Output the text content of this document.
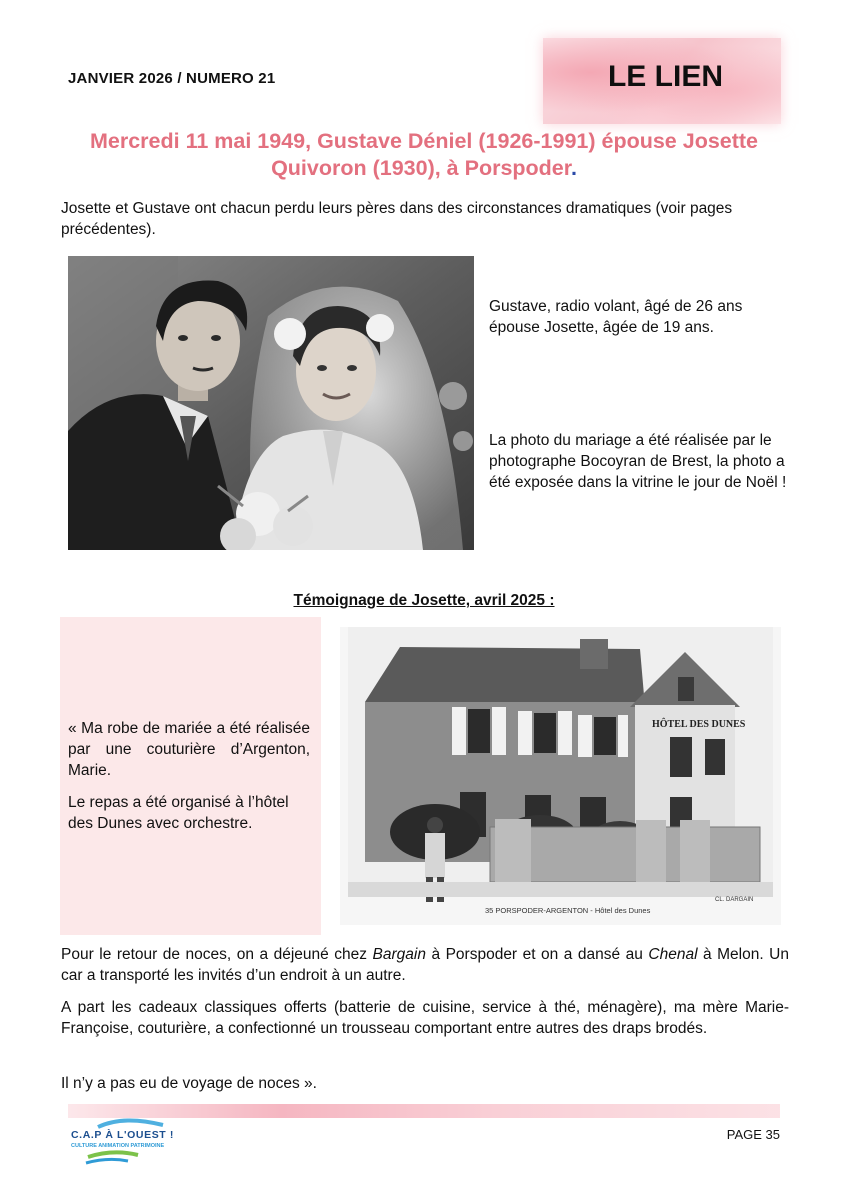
JANVIER 2026 / NUMERO 21	LE LIEN
Mercredi 11 mai 1949, Gustave Déniel (1926-1991) épouse Josette
Quivoron (1930), à Porspoder.
Josette et Gustave ont chacun perdu leurs pères dans des circonstances dramatiques (voir pages précédentes).
Gustave, radio volant, âgé de 26 ans épouse Josette, âgée de 19 ans.
La photo du mariage a été réalisée par le photographe Bocoyran de Brest, la photo a été exposée dans la vitrine le jour de Noël !
Témoignage de Josette, avril 2025 :
« Ma robe de mariée a été réalisée par une couturière d’Argenton, Marie.
Le repas a été organisé à l’hôtel des Dunes avec orchestre.
HÔTEL DES DUNES
35 PORSPODER-ARGENTON - Hôtel des Dunes
CL. DARGAIN
Pour le retour de noces, on a déjeuné chez Bargain à Porspoder et on a dansé au Chenal à Melon. Un car a transporté les invités d’un endroit à un autre.
A part les cadeaux classiques offerts (batterie de cuisine, service à thé, ménagère), ma mère Marie-Françoise, couturière, a confectionné un trousseau comportant entre autres des draps brodés.
Il n’y a pas eu de voyage de noces ».
C.A.P À L'OUEST !
CULTURE ANIMATION PATRIMOINE
PAGE 35
